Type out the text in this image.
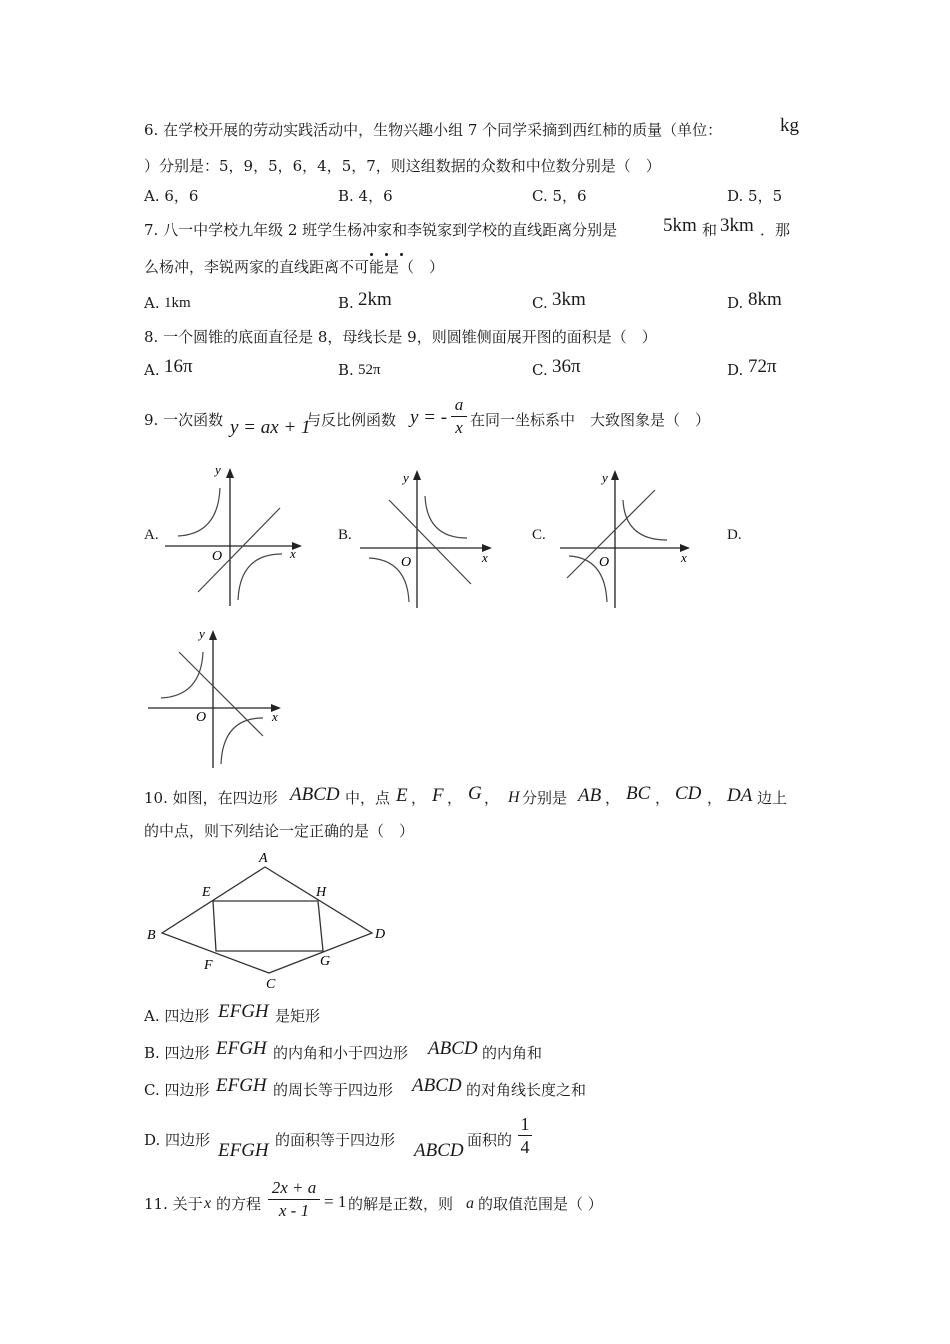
6. 在学校开展的劳动实践活动中，生物兴趣小组 7 个同学采摘到西红柿的质量（单位：	kg
）分别是：5，9，5，6，4，5，7，则这组数据的众数和中位数分别是（　）
A. 6，6	B. 4，6	C. 5，6	D. 5，5
7. 八一中学校九年级 2 班学生杨冲家和李锐家到学校的直线距离分别是 5km 和 3km ．那
么杨冲，李锐两家的直线距离不可能是（　）
A. 1km	B. 2km	C. 3km	D. 8km
8. 一个圆锥的底面直径是 8，母线长是 9，则圆锥侧面展开图的面积是（　）
A. 16π	B. 52π	C. 36π	D. 72π
9. 一次函数 y = ax + 1
与反比例函数 y = -
a
x 在同一坐标系中　大致图象是（　）
A.	B.	C.	D.
O	x
y
O	x
y
O	x
y
O	x
y
10. 如图，在四边形 ABCD 中，点 E ， F ， G ， H 分别是 AB ， BC ， CD ， DA 边上
的中点，则下列结论一定正确的是（　）
A
B
C
D
E
F	G
H
A. 四边形 EFGH 是矩形
B. 四边形 EFGH 的内角和小于四边形 ABCD 的内角和
C. 四边形 EFGH 的周长等于四边形 ABCD 的对角线长度之和
D. 四边形 EFGH 的面积等于四边形 ABCD 面积的
1
4
11. 关于 x 的方程
2x + a
x - 1 = 1 的解是正数，则 a 的取值范围是（ ）
